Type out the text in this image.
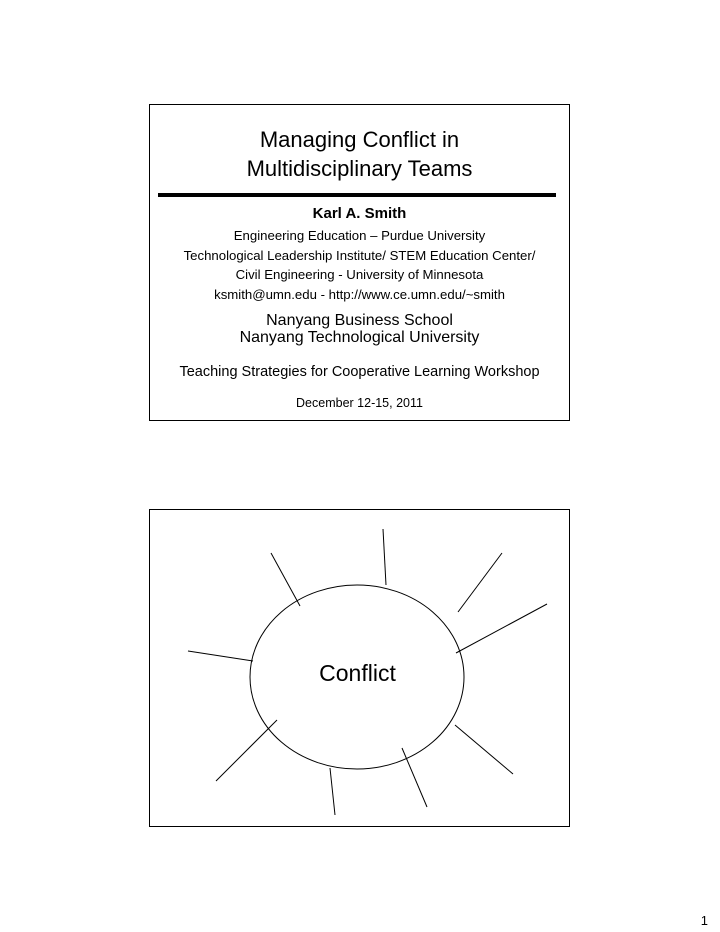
Managing Conflict in
Multidisciplinary Teams
Karl A. Smith
Engineering Education – Purdue University
Technological Leadership Institute/ STEM Education Center/
Civil Engineering - University of Minnesota
ksmith@umn.edu - http://www.ce.umn.edu/~smith
Nanyang Business School
Nanyang Technological University
Teaching Strategies for Cooperative Learning Workshop
December 12-15, 2011
Conflict
1
